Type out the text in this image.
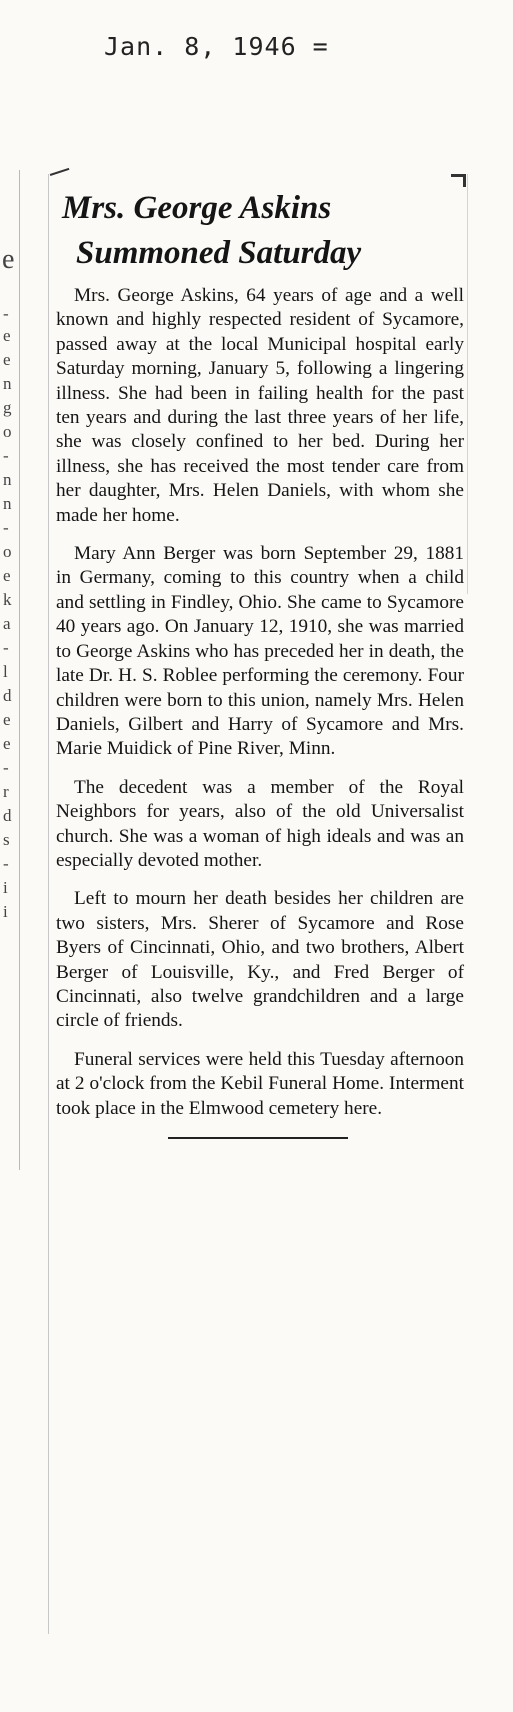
Jan. 8, 1946 =
e
-
e
e
n
g
o
-
n
n
-
o
e
k
a
-
l
d
e
e
-
r
d
s
-
i
i
Mrs. George Askins
Summoned Saturday

Mrs. George Askins, 64 years of age and a well known and highly respected resident of Sycamore, passed away at the local Municipal hospital early Saturday morning, January 5, following a lingering illness. She had been in failing health for the past ten years and during the last three years of her life, she was closely confined to her bed. During her illness, she has received the most tender care from her daughter, Mrs. Helen Daniels, with whom she made her home.

Mary Ann Berger was born September 29, 1881 in Germany, coming to this country when a child and settling in Findley, Ohio. She came to Sycamore 40 years ago. On January 12, 1910, she was married to George Askins who has preceded her in death, the late Dr. H. S. Roblee performing the ceremony. Four children were born to this union, namely Mrs. Helen Daniels, Gilbert and Harry of Sycamore and Mrs. Marie Muidick of Pine River, Minn.

The decedent was a member of the Royal Neighbors for years, also of the old Universalist church. She was a woman of high ideals and was an especially devoted mother.

Left to mourn her death besides her children are two sisters, Mrs. Sherer of Sycamore and Rose Byers of Cincinnati, Ohio, and two brothers, Albert Berger of Louisville, Ky., and Fred Berger of Cincinnati, also twelve grandchildren and a large circle of friends.

Funeral services were held this Tuesday afternoon at 2 o'clock from the Kebil Funeral Home. Interment took place in the Elmwood cemetery here.
